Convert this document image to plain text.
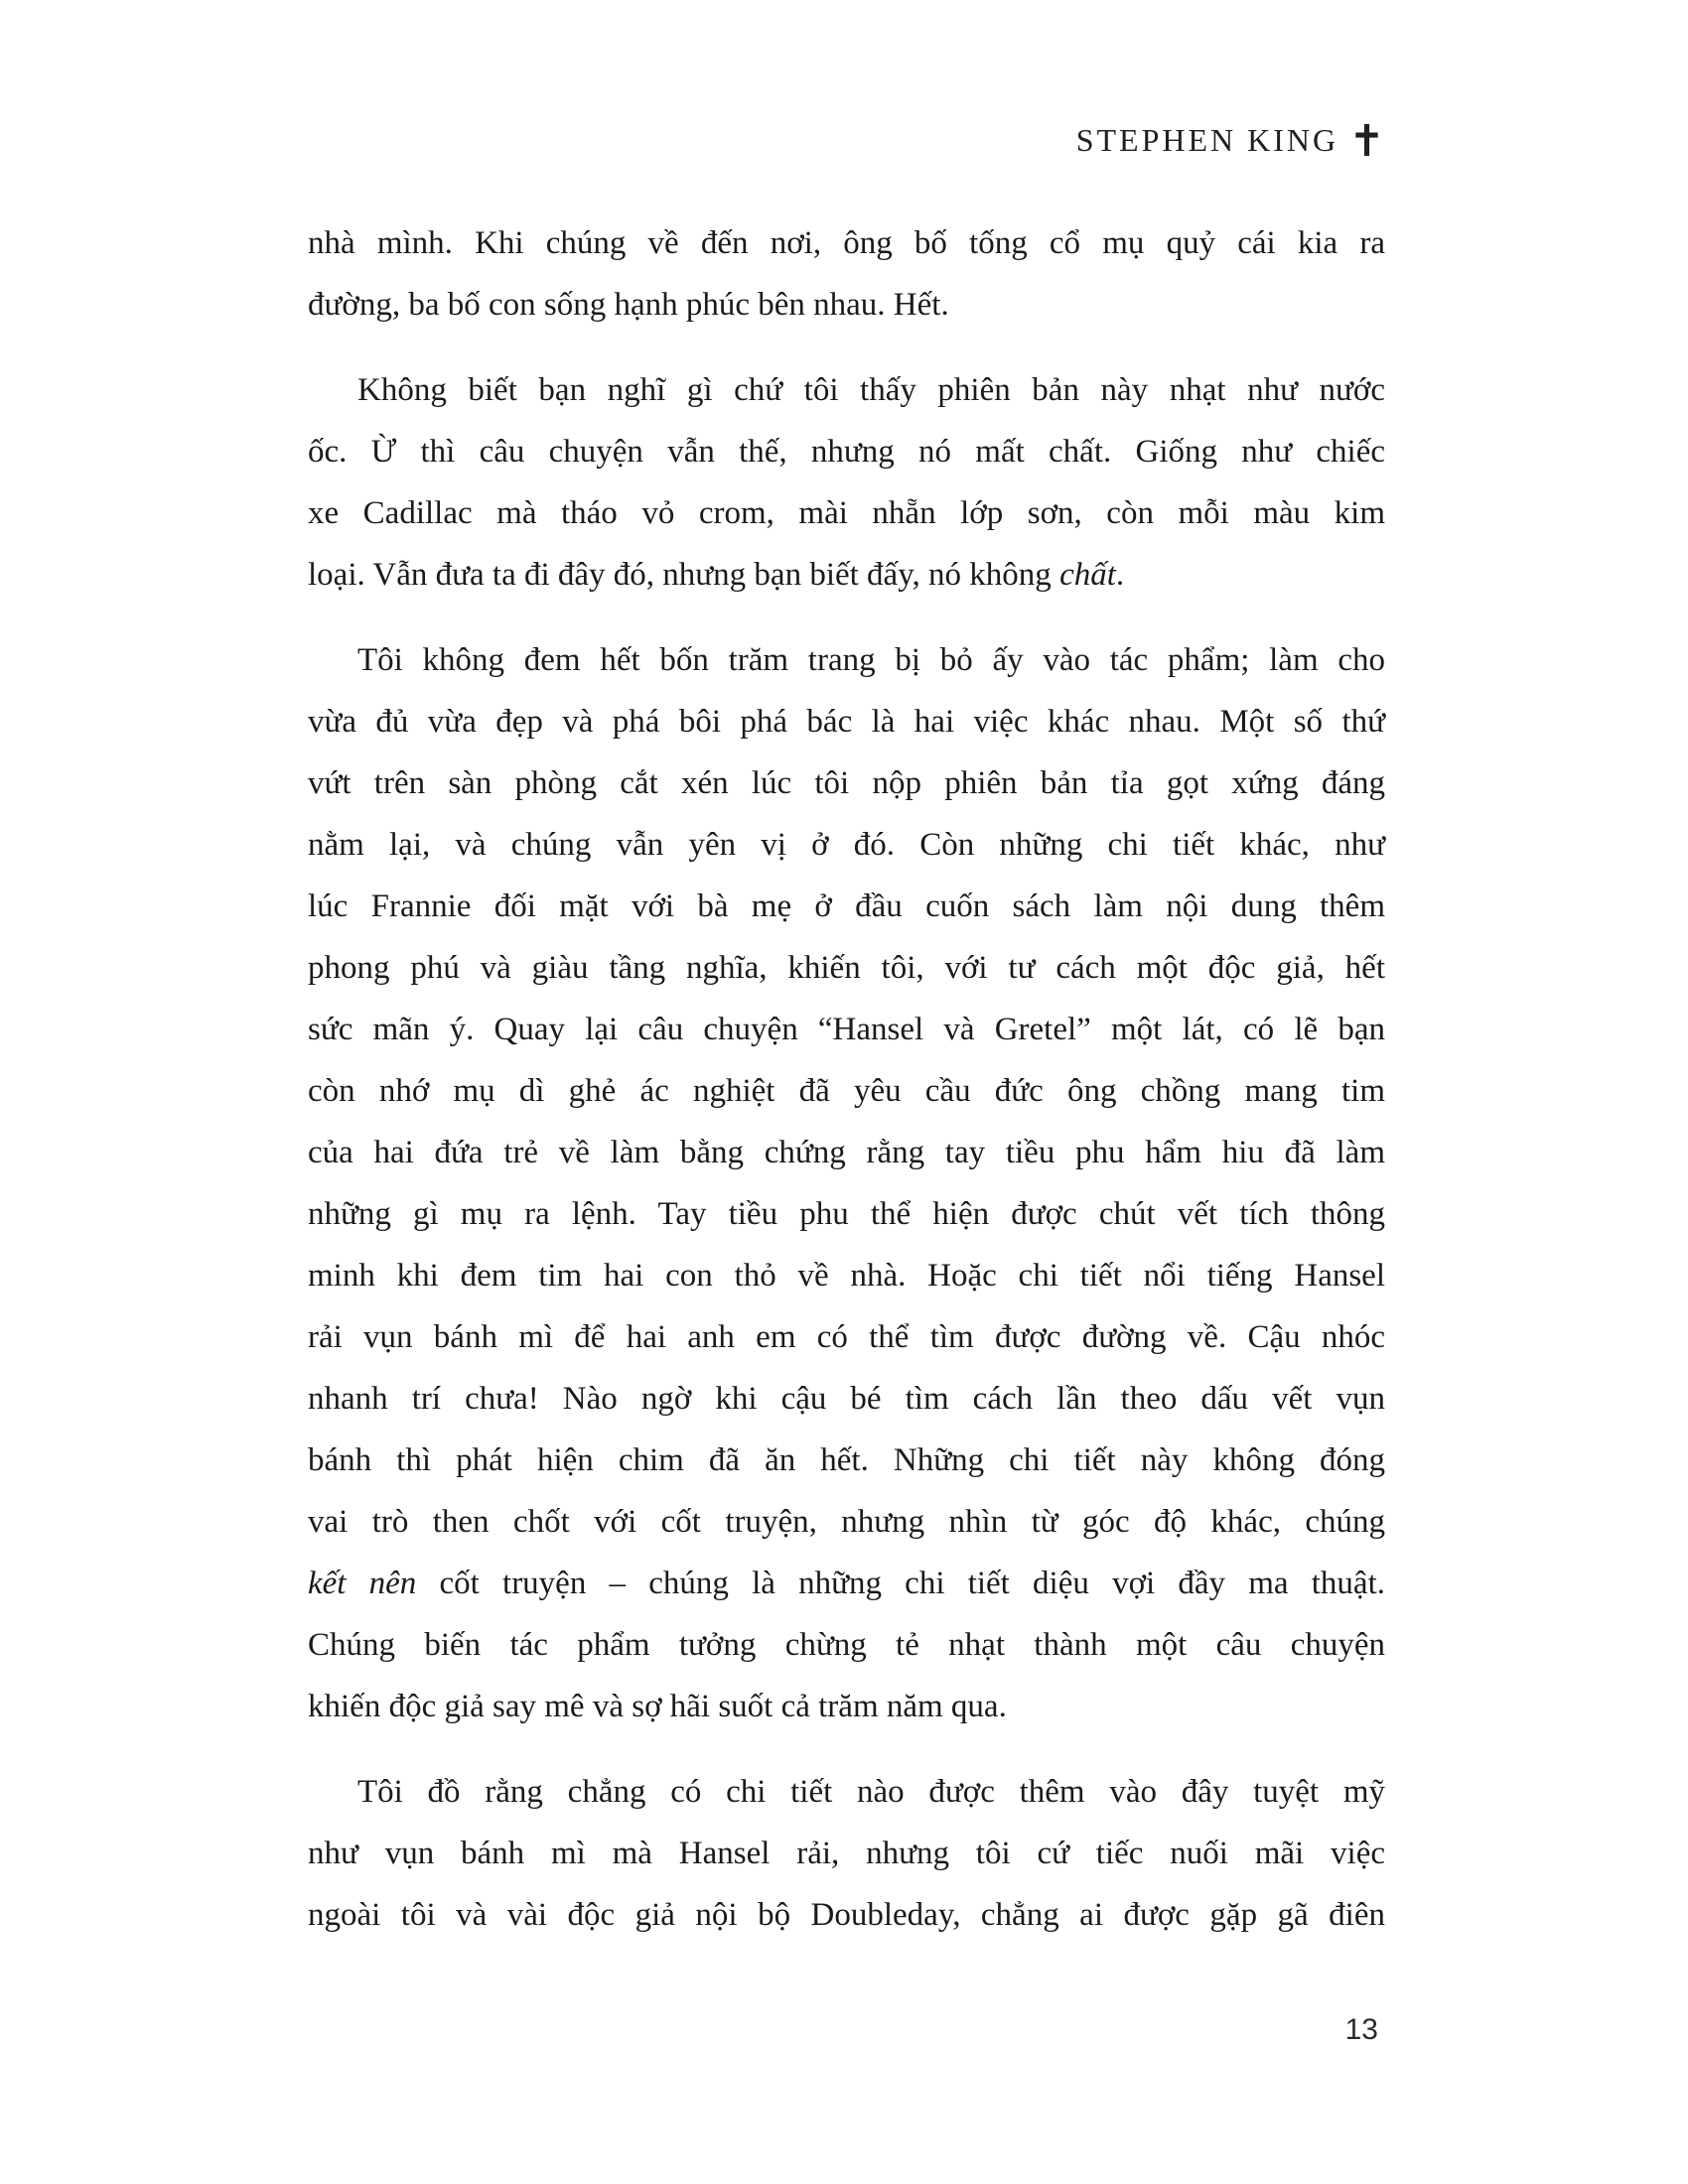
STEPHEN KING ✝
nhà mình. Khi chúng về đến nơi, ông bố tống cổ mụ quỷ cái kia ra
đường, ba bố con sống hạnh phúc bên nhau. Hết.
Không biết bạn nghĩ gì chứ tôi thấy phiên bản này nhạt như nước
ốc. Ừ thì câu chuyện vẫn thế, nhưng nó mất chất. Giống như chiếc
xe Cadillac mà tháo vỏ crom, mài nhẵn lớp sơn, còn mỗi màu kim
loại. Vẫn đưa ta đi đây đó, nhưng bạn biết đấy, nó không chất.
Tôi không đem hết bốn trăm trang bị bỏ ấy vào tác phẩm; làm cho
vừa đủ vừa đẹp và phá bôi phá bác là hai việc khác nhau. Một số thứ
vứt trên sàn phòng cắt xén lúc tôi nộp phiên bản tỉa gọt xứng đáng
nằm lại, và chúng vẫn yên vị ở đó. Còn những chi tiết khác, như
lúc Frannie đối mặt với bà mẹ ở đầu cuốn sách làm nội dung thêm
phong phú và giàu tầng nghĩa, khiến tôi, với tư cách một độc giả, hết
sức mãn ý. Quay lại câu chuyện “Hansel và Gretel” một lát, có lẽ bạn
còn nhớ mụ dì ghẻ ác nghiệt đã yêu cầu đức ông chồng mang tim
của hai đứa trẻ về làm bằng chứng rằng tay tiều phu hẩm hiu đã làm
những gì mụ ra lệnh. Tay tiều phu thể hiện được chút vết tích thông
minh khi đem tim hai con thỏ về nhà. Hoặc chi tiết nổi tiếng Hansel
rải vụn bánh mì để hai anh em có thể tìm được đường về. Cậu nhóc
nhanh trí chưa! Nào ngờ khi cậu bé tìm cách lần theo dấu vết vụn
bánh thì phát hiện chim đã ăn hết. Những chi tiết này không đóng
vai trò then chốt với cốt truyện, nhưng nhìn từ góc độ khác, chúng
kết nên cốt truyện – chúng là những chi tiết diệu vợi đầy ma thuật.
Chúng biến tác phẩm tưởng chừng tẻ nhạt thành một câu chuyện
khiến độc giả say mê và sợ hãi suốt cả trăm năm qua.
Tôi đồ rằng chẳng có chi tiết nào được thêm vào đây tuyệt mỹ
như vụn bánh mì mà Hansel rải, nhưng tôi cứ tiếc nuối mãi việc
ngoài tôi và vài độc giả nội bộ Doubleday, chẳng ai được gặp gã điên
13
